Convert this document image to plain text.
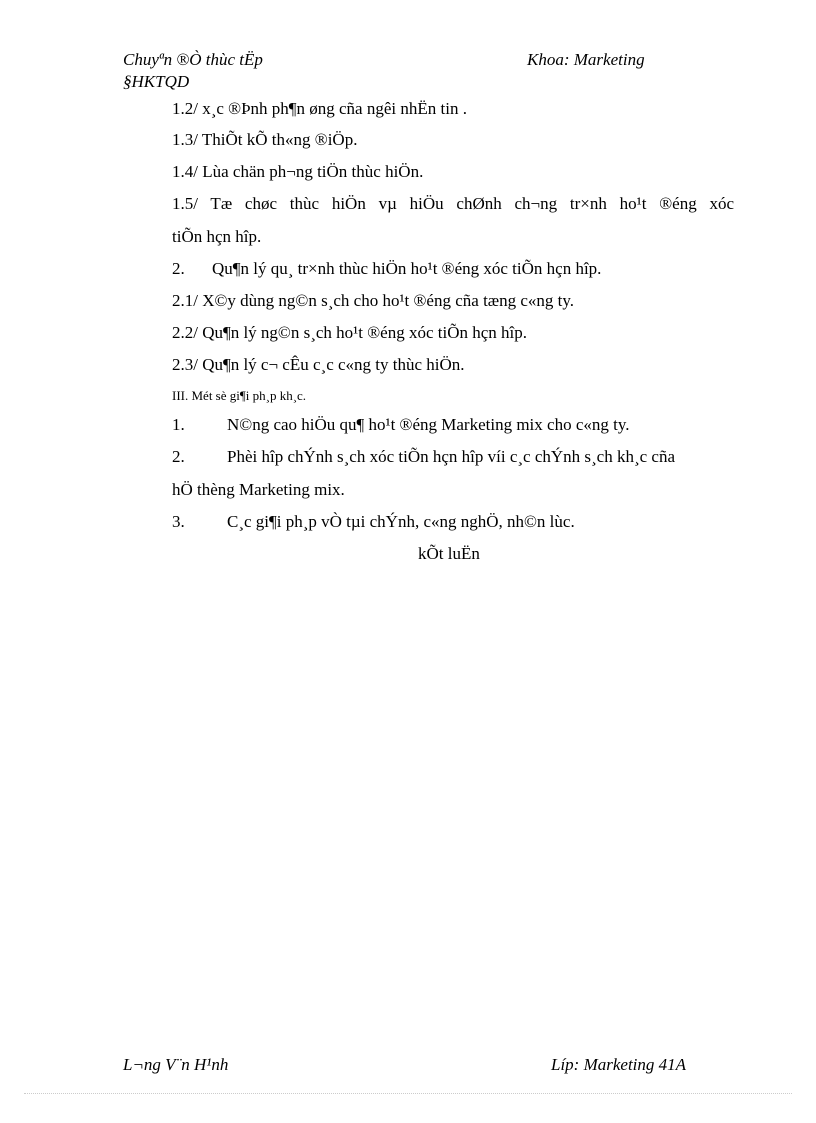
Chuyªn ®Ò thùc tËp
§HKTQD
Khoa: Marketing
1.2/ x¸c ®Þnh ph¶n øng cña ngêi nhËn tin .
1.3/ ThiÕt kÕ th«ng ®iÖp.
1.4/ Lùa chän ph¬ng tiÖn thùc hiÖn.
1.5/ Tæ chøc thùc hiÖn vµ hiÖu chØnh ch¬ng tr×nh ho¹t ®éng xóc
tiÕn hçn hîp.
2. Qu¶n lý qu¸ tr×nh thùc hiÖn ho¹t ®éng xóc tiÕn hçn hîp.
2.1/ X©y dùng ng©n s¸ch cho ho¹t ®éng cña tæng c«ng ty.
2.2/ Qu¶n lý ng©n s¸ch ho¹t ®éng xóc tiÕn hçn hîp.
2.3/ Qu¶n lý c¬ cÊu c¸c c«ng ty thùc hiÖn.
III. Mét sè gi¶i ph¸p kh¸c.
1. N©ng cao hiÖu qu¶ ho¹t ®éng Marketing mix cho c«ng ty.
2. Phèi hîp chÝnh s¸ch xóc tiÕn hçn hîp víi c¸c chÝnh s¸ch kh¸c cña
hÖ thèng Marketing mix.
3. C¸c gi¶i ph¸p vÒ tµi chÝnh, c«ng nghÖ, nh©n lùc.
kÕt luËn
L¬ng V¨n H¹nh	Líp: Marketing 41A
